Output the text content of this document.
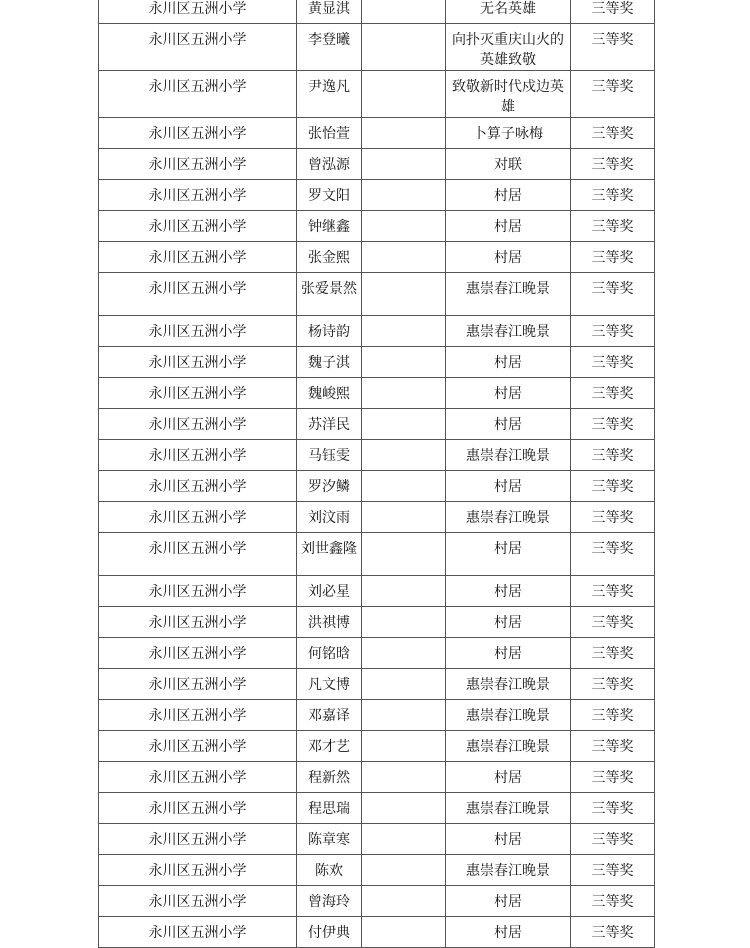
永川区五洲小学	黄显淇		无名英雄	三等奖
永川区五洲小学	李登曦		向扑灭重庆山火的英雄致敬	三等奖
永川区五洲小学	尹逸凡		致敬新时代戍边英雄	三等奖
永川区五洲小学	张怡萱		卜算子咏梅	三等奖
永川区五洲小学	曾泓源		对联	三等奖
永川区五洲小学	罗文阳		村居	三等奖
永川区五洲小学	钟继鑫		村居	三等奖
永川区五洲小学	张金熙		村居	三等奖
永川区五洲小学	张爱景然		惠崇春江晚景	三等奖
永川区五洲小学	杨诗韵		惠崇春江晚景	三等奖
永川区五洲小学	魏子淇		村居	三等奖
永川区五洲小学	魏峻熙		村居	三等奖
永川区五洲小学	苏洋民		村居	三等奖
永川区五洲小学	马钰雯		惠崇春江晚景	三等奖
永川区五洲小学	罗汐鳞		村居	三等奖
永川区五洲小学	刘汶雨		惠崇春江晚景	三等奖
永川区五洲小学	刘世鑫隆		村居	三等奖
永川区五洲小学	刘必星		村居	三等奖
永川区五洲小学	洪祺博		村居	三等奖
永川区五洲小学	何铭晗		村居	三等奖
永川区五洲小学	凡文博		惠崇春江晚景	三等奖
永川区五洲小学	邓嘉译		惠崇春江晚景	三等奖
永川区五洲小学	邓才艺		惠崇春江晚景	三等奖
永川区五洲小学	程新然		村居	三等奖
永川区五洲小学	程思瑞		惠崇春江晚景	三等奖
永川区五洲小学	陈章寒		村居	三等奖
永川区五洲小学	陈欢		惠崇春江晚景	三等奖
永川区五洲小学	曾海玲		村居	三等奖
永川区五洲小学	付伊典		村居	三等奖
